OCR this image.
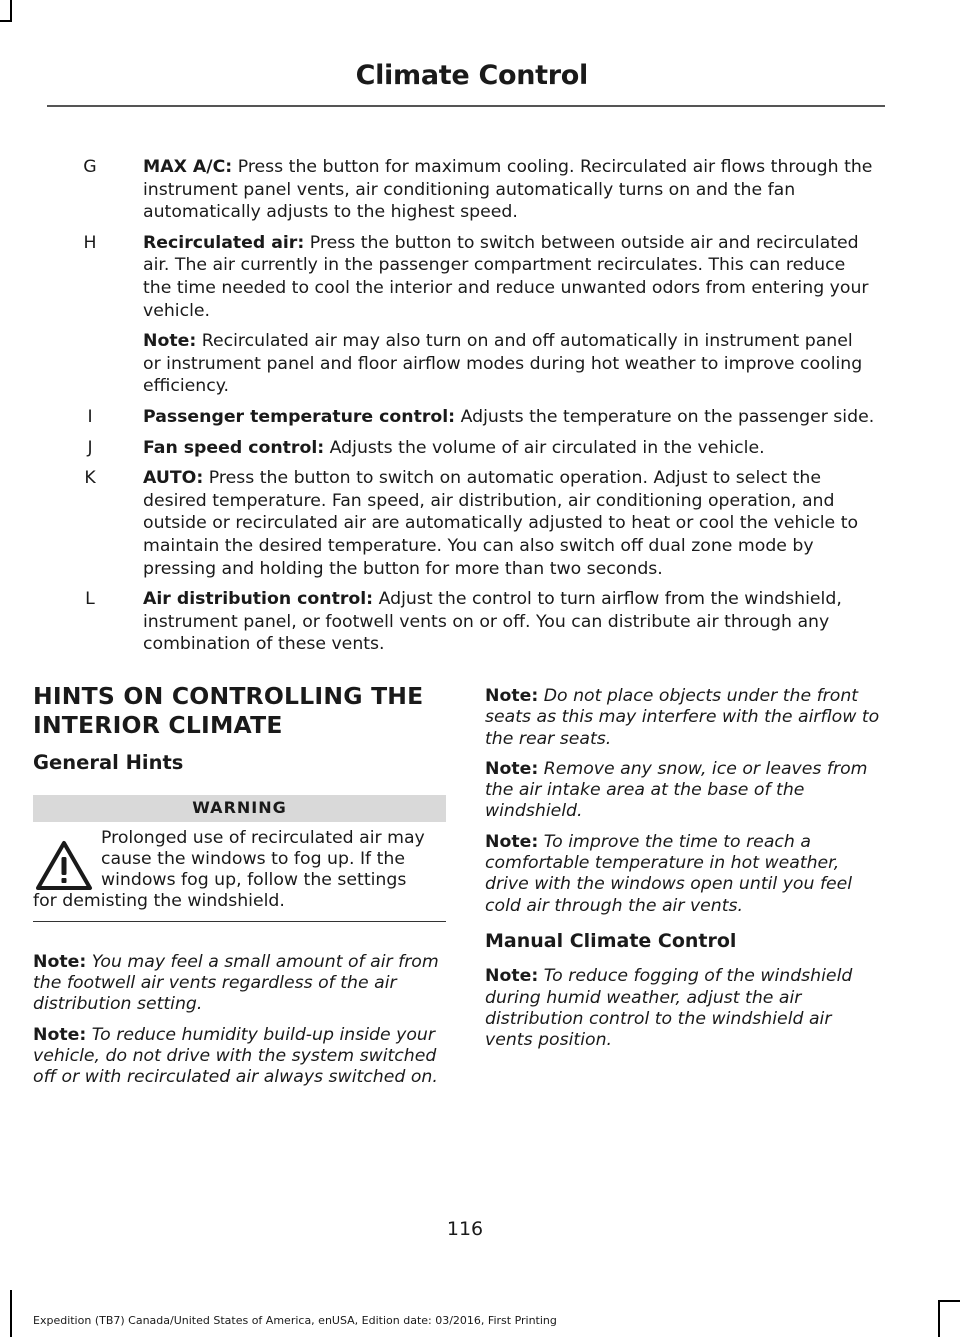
Climate Control
G	MAX A/C: Press the button for maximum cooling. Recirculated air flows through the instrument panel vents, air conditioning automatically turns on and the fan automatically adjusts to the highest speed.
H	Recirculated air: Press the button to switch between outside air and recirculated air. The air currently in the passenger compartment recirculates. This can reduce the time needed to cool the interior and reduce unwanted odors from entering your vehicle.
Note: Recirculated air may also turn on and off automatically in instrument panel or instrument panel and floor airflow modes during hot weather to improve cooling efficiency.
I	Passenger temperature control: Adjusts the temperature on the passenger side.
J	Fan speed control: Adjusts the volume of air circulated in the vehicle.
K	AUTO: Press the button to switch on automatic operation. Adjust to select the desired temperature. Fan speed, air distribution, air conditioning operation, and outside or recirculated air are automatically adjusted to heat or cool the vehicle to maintain the desired temperature. You can also switch off dual zone mode by pressing and holding the button for more than two seconds.
L	Air distribution control: Adjust the control to turn airflow from the windshield, instrument panel, or footwell vents on or off. You can distribute air through any combination of these vents.
HINTS ON CONTROLLING THE
INTERIOR CLIMATE
General Hints
WARNING
Prolonged use of recirculated air may
cause the windows to fog up. If the
windows fog up, follow the settings
for demisting the windshield.
Note: You may feel a small amount of air from the footwell air vents regardless of the air distribution setting.
Note: To reduce humidity build-up inside your vehicle, do not drive with the system switched off or with recirculated air always switched on.
Note: Do not place objects under the front seats as this may interfere with the airflow to the rear seats.
Note: Remove any snow, ice or leaves from the air intake area at the base of the windshield.
Note: To improve the time to reach a comfortable temperature in hot weather, drive with the windows open until you feel cold air through the air vents.
Manual Climate Control
Note: To reduce fogging of the windshield during humid weather, adjust the air distribution control to the windshield air vents position.
116
Expedition (TB7) Canada/United States of America, enUSA, Edition date: 03/2016, First Printing
